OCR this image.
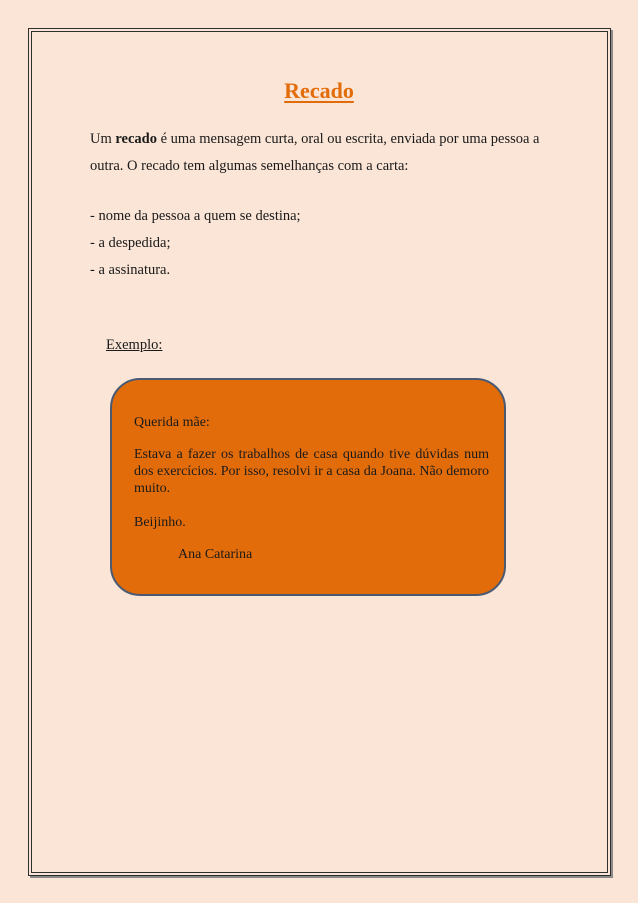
Recado

Um recado é uma mensagem curta, oral ou escrita, enviada por uma pessoa a outra. O recado tem algumas semelhanças com a carta:

- nome da pessoa a quem se destina;
- a despedida;
- a assinatura.
Exemplo:

Querida mãe:

Estava a fazer os trabalhos de casa quando tive dúvidas num dos exercícios. Por isso, resolvi ir a casa da Joana. Não demoro muito.

Beijinho.

Ana Catarina
